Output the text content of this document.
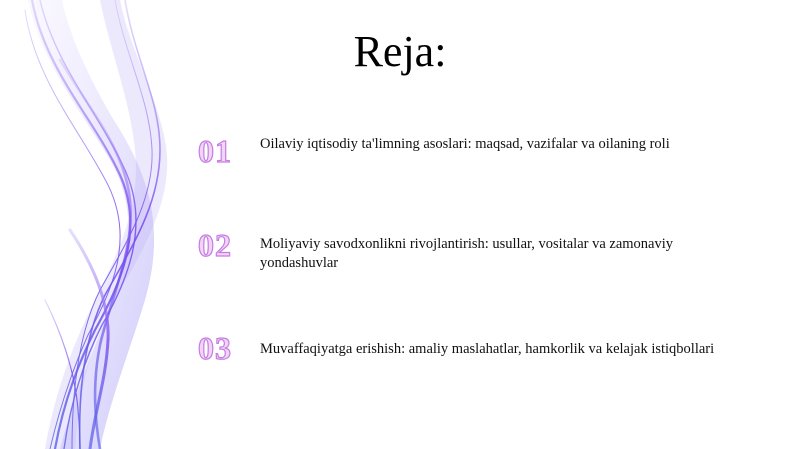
Reja:
01	Oilaviy iqtisodiy ta'limning asoslari: maqsad, vazifalar va oilaning roli
02	Moliyaviy savodxonlikni rivojlantirish: usullar, vositalar va zamonaviy yondashuvlar
03	Muvaffaqiyatga erishish: amaliy maslahatlar, hamkorlik va kelajak istiqbollari
